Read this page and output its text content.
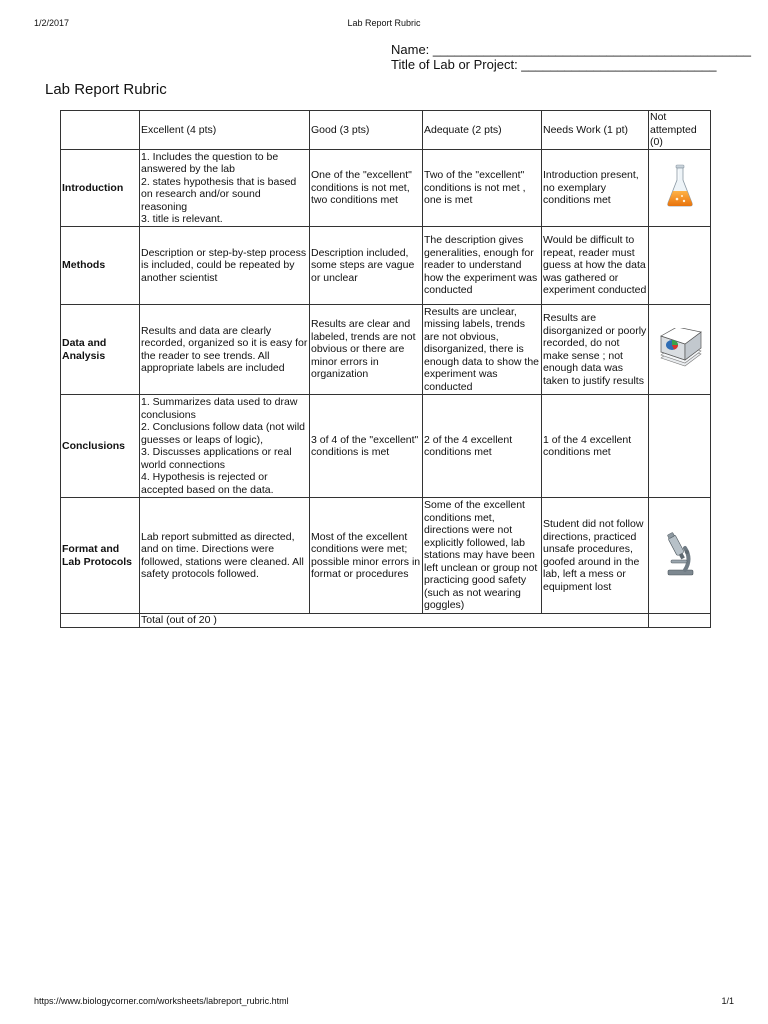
1/2/2017	Lab Report Rubric
Name: ____________________________________________
Title of Lab or Project: ___________________________
Lab Report Rubric
	Excellent (4 pts)	Good (3 pts)	Adequate (2 pts)	Needs Work (1 pt)	Not attempted (0)
Introduction	1. Includes the question to be answered by the lab
2. states hypothesis that is based on research and/or sound reasoning
3. title is relevant.	One of the "excellent" conditions is not met, two conditions met	Two of the "excellent" conditions is not met , one is met	Introduction present, no exemplary conditions met	
Methods	Description or step-by-step process is included, could be repeated by another scientist	Description included, some steps are vague or unclear	The description gives generalities, enough for reader to understand how the experiment was conducted	Would be difficult to repeat, reader must guess at how the data was gathered or experiment conducted	
Data and Analysis	Results and data are clearly recorded, organized so it is easy for the reader to see trends. All appropriate labels are included	Results are clear and labeled, trends are not obvious or there are minor errors in organization	Results are unclear, missing labels, trends are not obvious, disorganized, there is enough data to show the experiment was conducted	Results are disorganized or poorly recorded, do not make sense ; not enough data was taken to justify results	
Conclusions	1. Summarizes data used to draw conclusions
2. Conclusions follow data (not wild guesses or leaps of logic),
3. Discusses applications or real world connections
4. Hypothesis is rejected or accepted based on the data.	3 of 4 of the "excellent" conditions is met	2 of the 4 excellent conditions met	1 of the 4 excellent conditions met	
Format and Lab Protocols	Lab report submitted as directed, and on time. Directions were followed, stations were cleaned. All safety protocols followed.	Most of the excellent conditions were met; possible minor errors in format or procedures	Some of the excellent conditions met, directions were not explicitly followed, lab stations may have been left unclean or group not practicing good safety (such as not wearing goggles)	Student did not follow directions, practiced unsafe procedures, goofed around in the lab, left a mess or equipment lost	
	Total (out of 20 )				
https://www.biologycorner.com/worksheets/labreport_rubric.html	1/1
